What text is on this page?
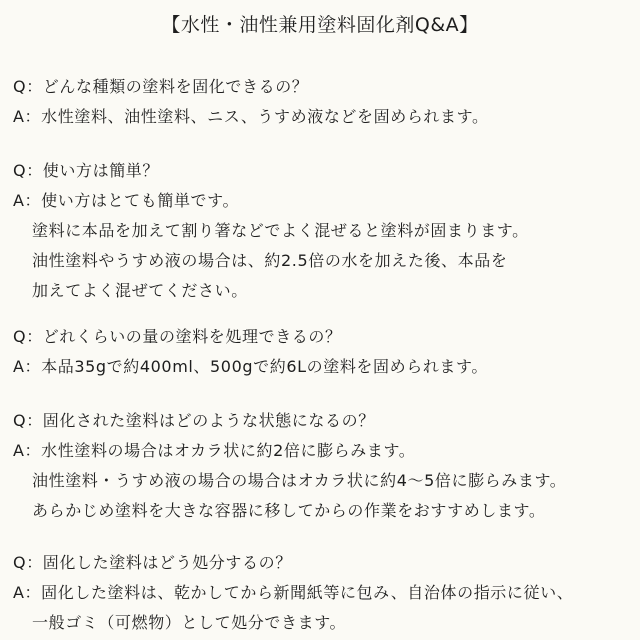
【水性・油性兼用塗料固化剤Q&A】
Q：どんな種類の塗料を固化できるの？
A：水性塗料、油性塗料、ニス、うすめ液などを固められます。
Q：使い方は簡単？
A：使い方はとても簡単です。
塗料に本品を加えて割り箸などでよく混ぜると塗料が固まります。
油性塗料やうすめ液の場合は、約2.5倍の水を加えた後、本品を
加えてよく混ぜてください。
Q：どれくらいの量の塗料を処理できるの？
A：本品35gで約400ml、500gで約6Lの塗料を固められます。
Q：固化された塗料はどのような状態になるの？
A：水性塗料の場合はオカラ状に約2倍に膨らみます。
油性塗料・うすめ液の場合の場合はオカラ状に約4～5倍に膨らみます。
あらかじめ塗料を大きな容器に移してからの作業をおすすめします。
Q：固化した塗料はどう処分するの？
A：固化した塗料は、乾かしてから新聞紙等に包み、自治体の指示に従い、
一般ゴミ（可燃物）として処分できます。
